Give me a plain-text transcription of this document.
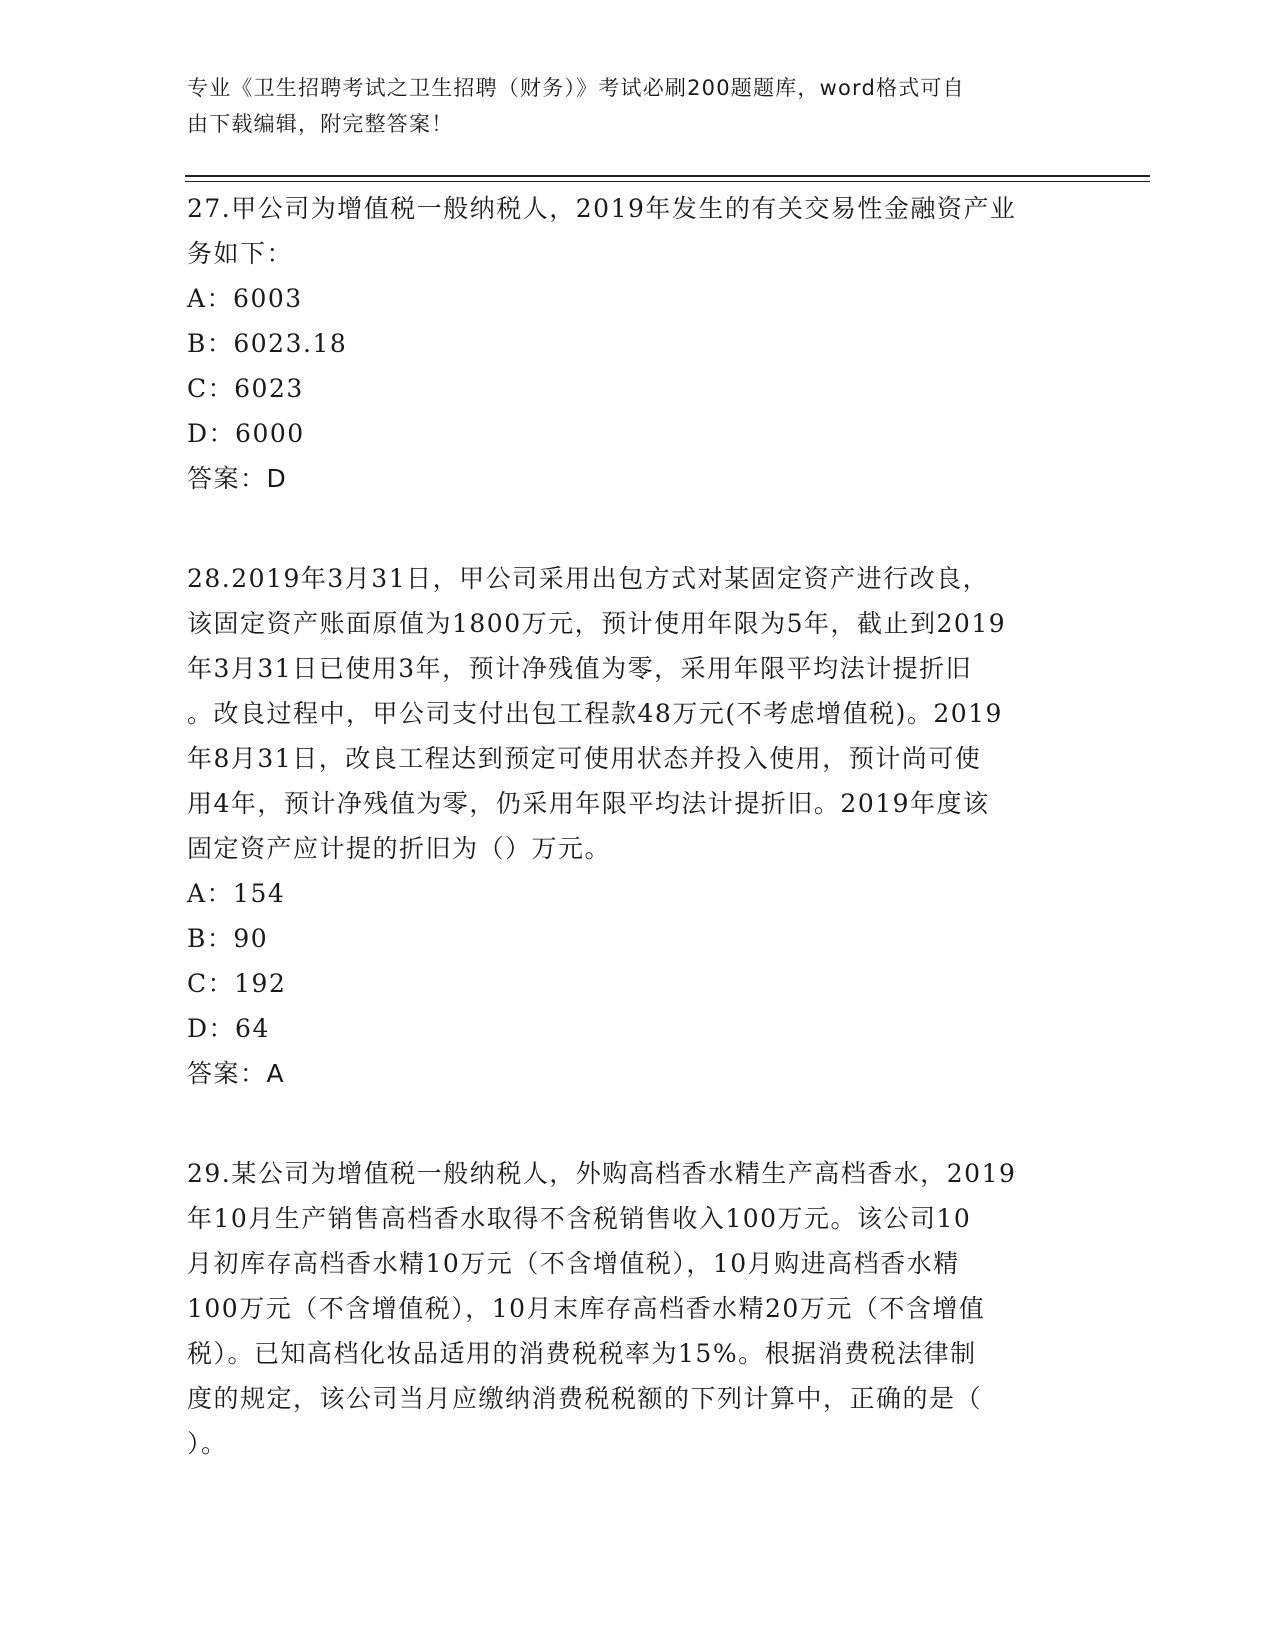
专业《卫生招聘考试之卫生招聘（财务）》考试必刷200题题库，word格式可自
由下载编辑，附完整答案！
27.甲公司为增值税一般纳税人，2019年发生的有关交易性金融资产业
务如下：
A：6003
B：6023.18
C：6023
D：6000
答案：D
28.2019年3月31日，甲公司采用出包方式对某固定资产进行改良，
该固定资产账面原值为1800万元，预计使用年限为5年，截止到2019
年3月31日已使用3年，预计净残值为零，采用年限平均法计提折旧
。改良过程中，甲公司支付出包工程款48万元(不考虑增值税)。2019
年8月31日，改良工程达到预定可使用状态并投入使用，预计尚可使
用4年，预计净残值为零，仍采用年限平均法计提折旧。2019年度该
固定资产应计提的折旧为（）万元。
A：154
B：90
C：192
D：64
答案：A
29.某公司为增值税一般纳税人，外购高档香水精生产高档香水，2019
年10月生产销售高档香水取得不含税销售收入100万元。该公司10
月初库存高档香水精10万元（不含增值税），10月购进高档香水精
100万元（不含增值税），10月末库存高档香水精20万元（不含增值
税）。已知高档化妆品适用的消费税税率为15%。根据消费税法律制
度的规定，该公司当月应缴纳消费税税额的下列计算中，正确的是（
）。
